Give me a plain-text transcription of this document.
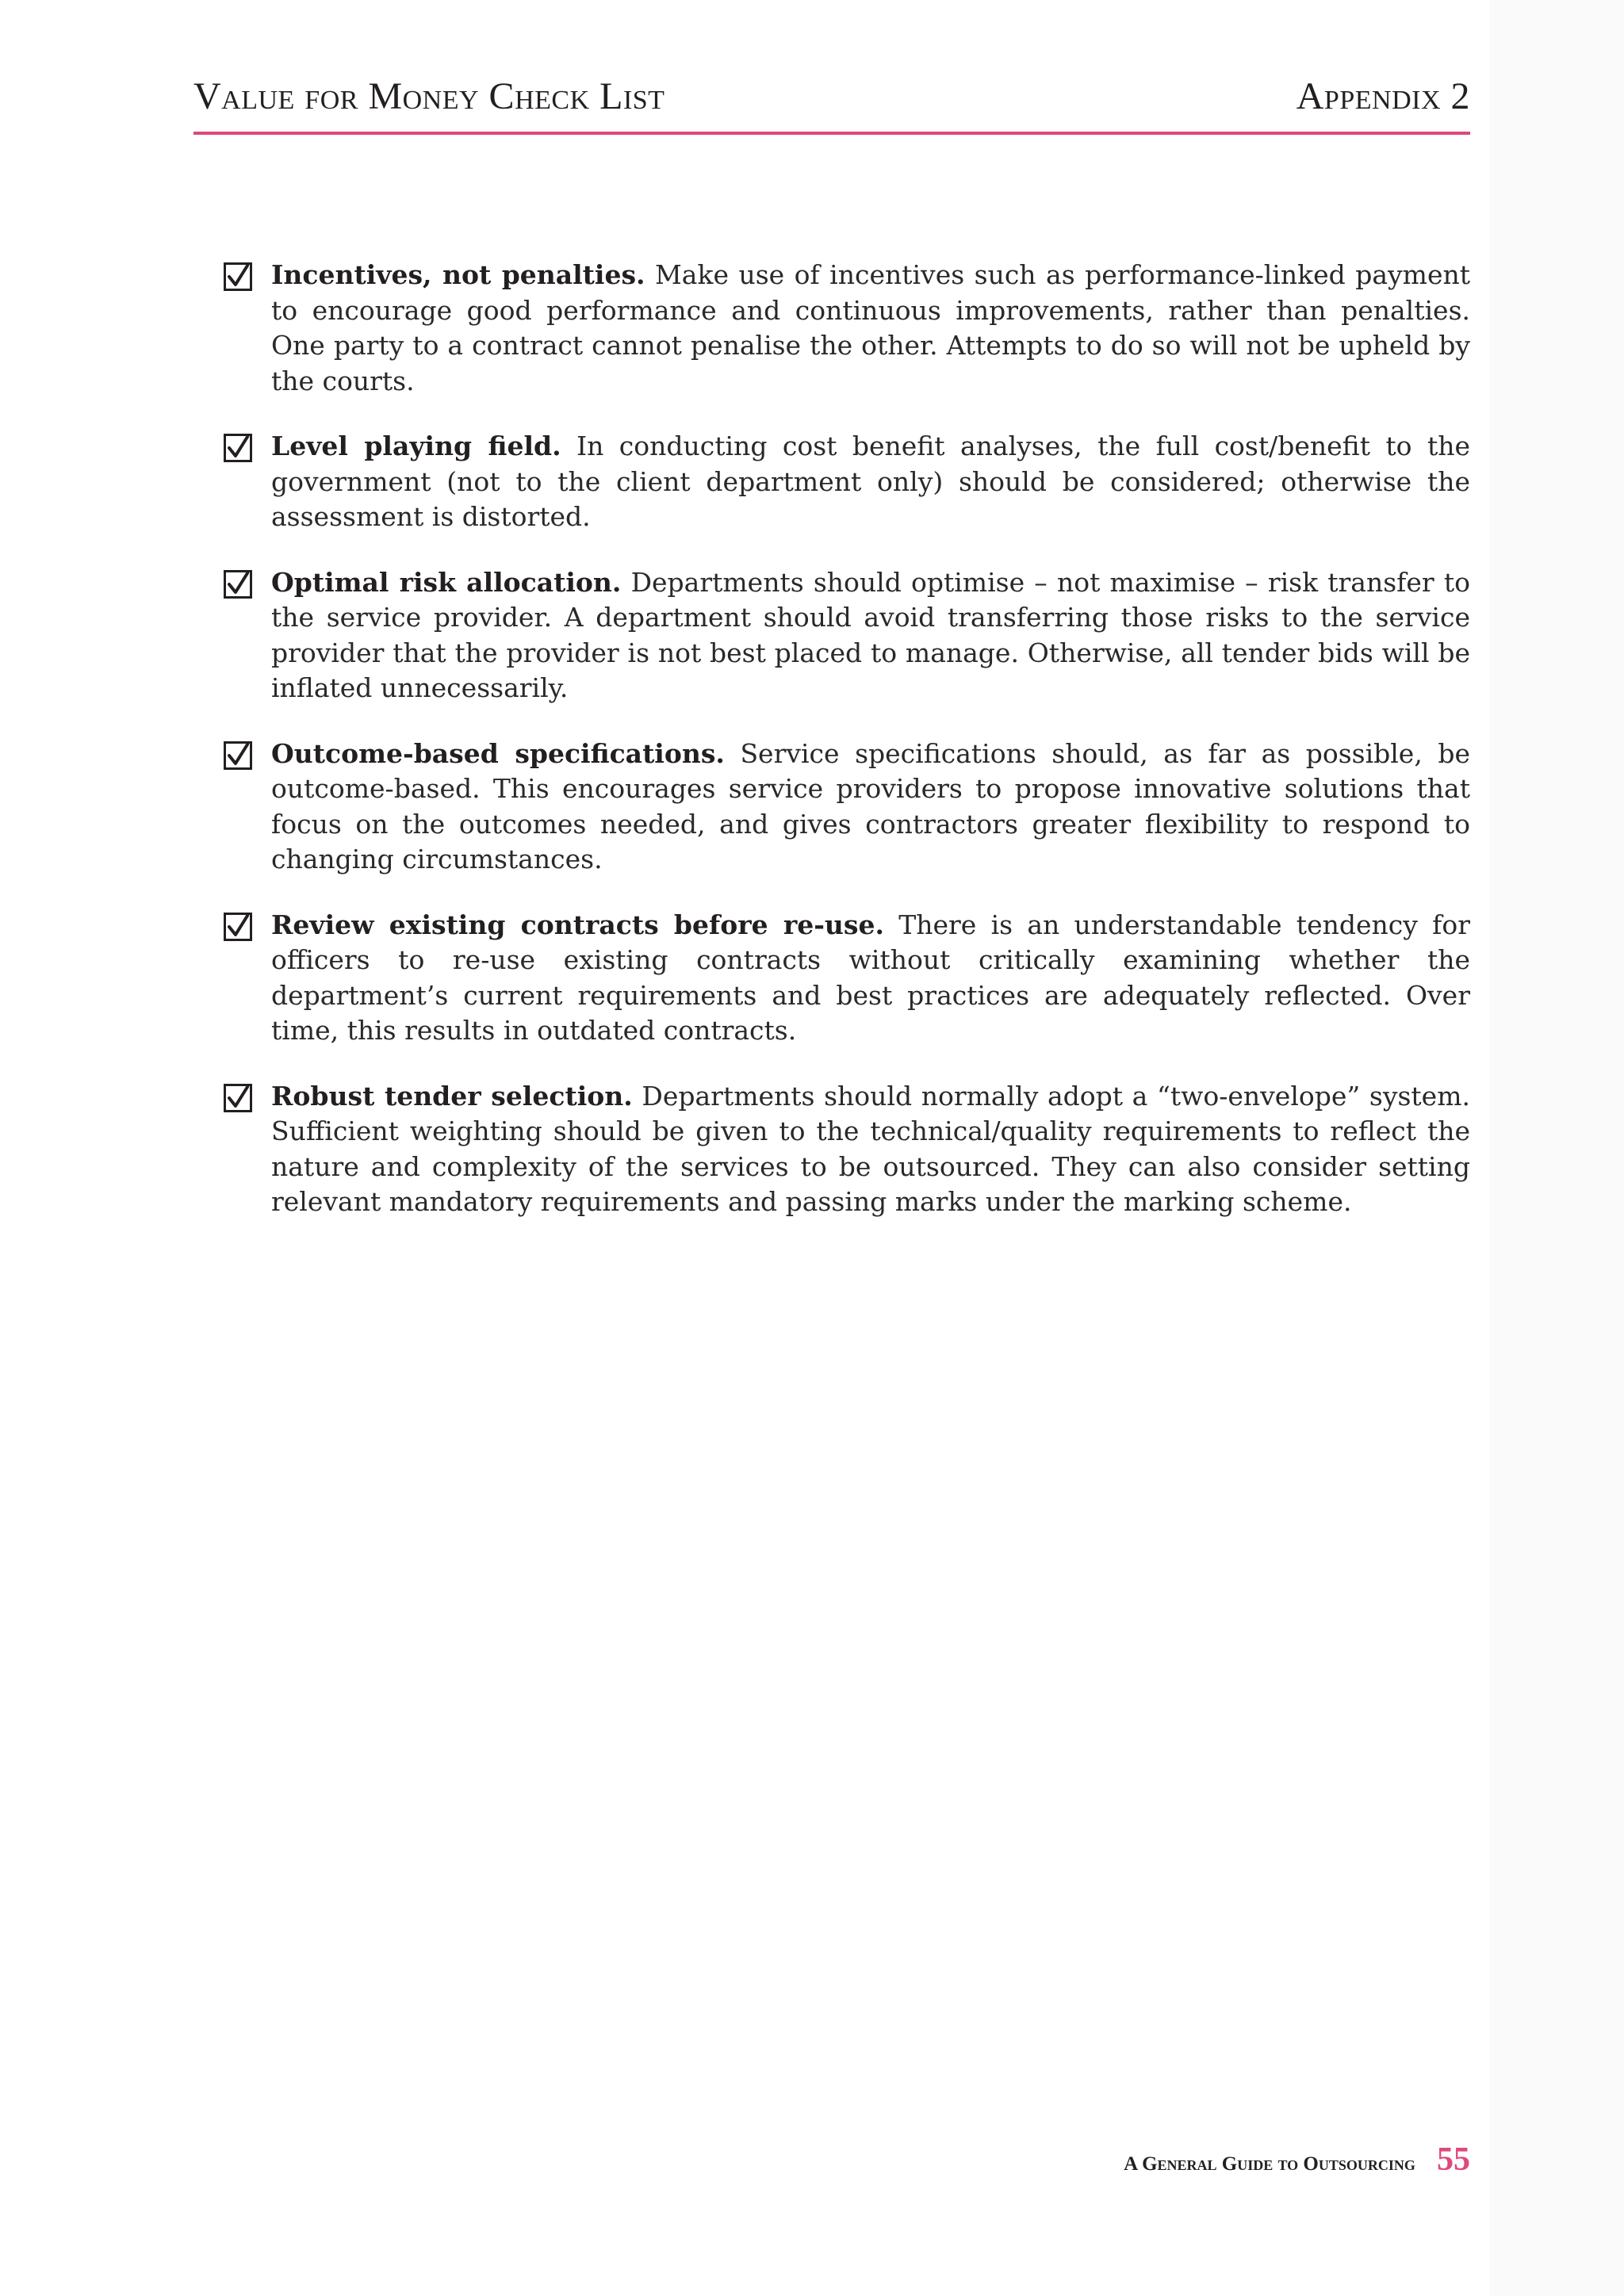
Value for Money Check List	Appendix 2
Incentives, not penalties. Make use of incentives such as performance-linked payment to encourage good performance and continuous improvements, rather than penalties. One party to a contract cannot penalise the other. Attempts to do so will not be upheld by the courts.
Level playing field. In conducting cost benefit analyses, the full cost/benefit to the government (not to the client department only) should be considered; otherwise the assessment is distorted.
Optimal risk allocation. Departments should optimise – not maximise – risk transfer to the service provider. A department should avoid transferring those risks to the service provider that the provider is not best placed to manage. Otherwise, all tender bids will be inflated unnecessarily.
Outcome-based specifications. Service specifications should, as far as possible, be outcome-based. This encourages service providers to propose innovative solutions that focus on the outcomes needed, and gives contractors greater flexibility to respond to changing circumstances.
Review existing contracts before re-use. There is an understandable tendency for officers to re-use existing contracts without critically examining whether the department’s current requirements and best practices are adequately reflected. Over time, this results in outdated contracts.
Robust tender selection. Departments should normally adopt a “two-envelope” system. Sufficient weighting should be given to the technical/quality requirements to reflect the nature and complexity of the services to be outsourced. They can also consider setting relevant mandatory requirements and passing marks under the marking scheme.
A General Guide to Outsourcing 55
